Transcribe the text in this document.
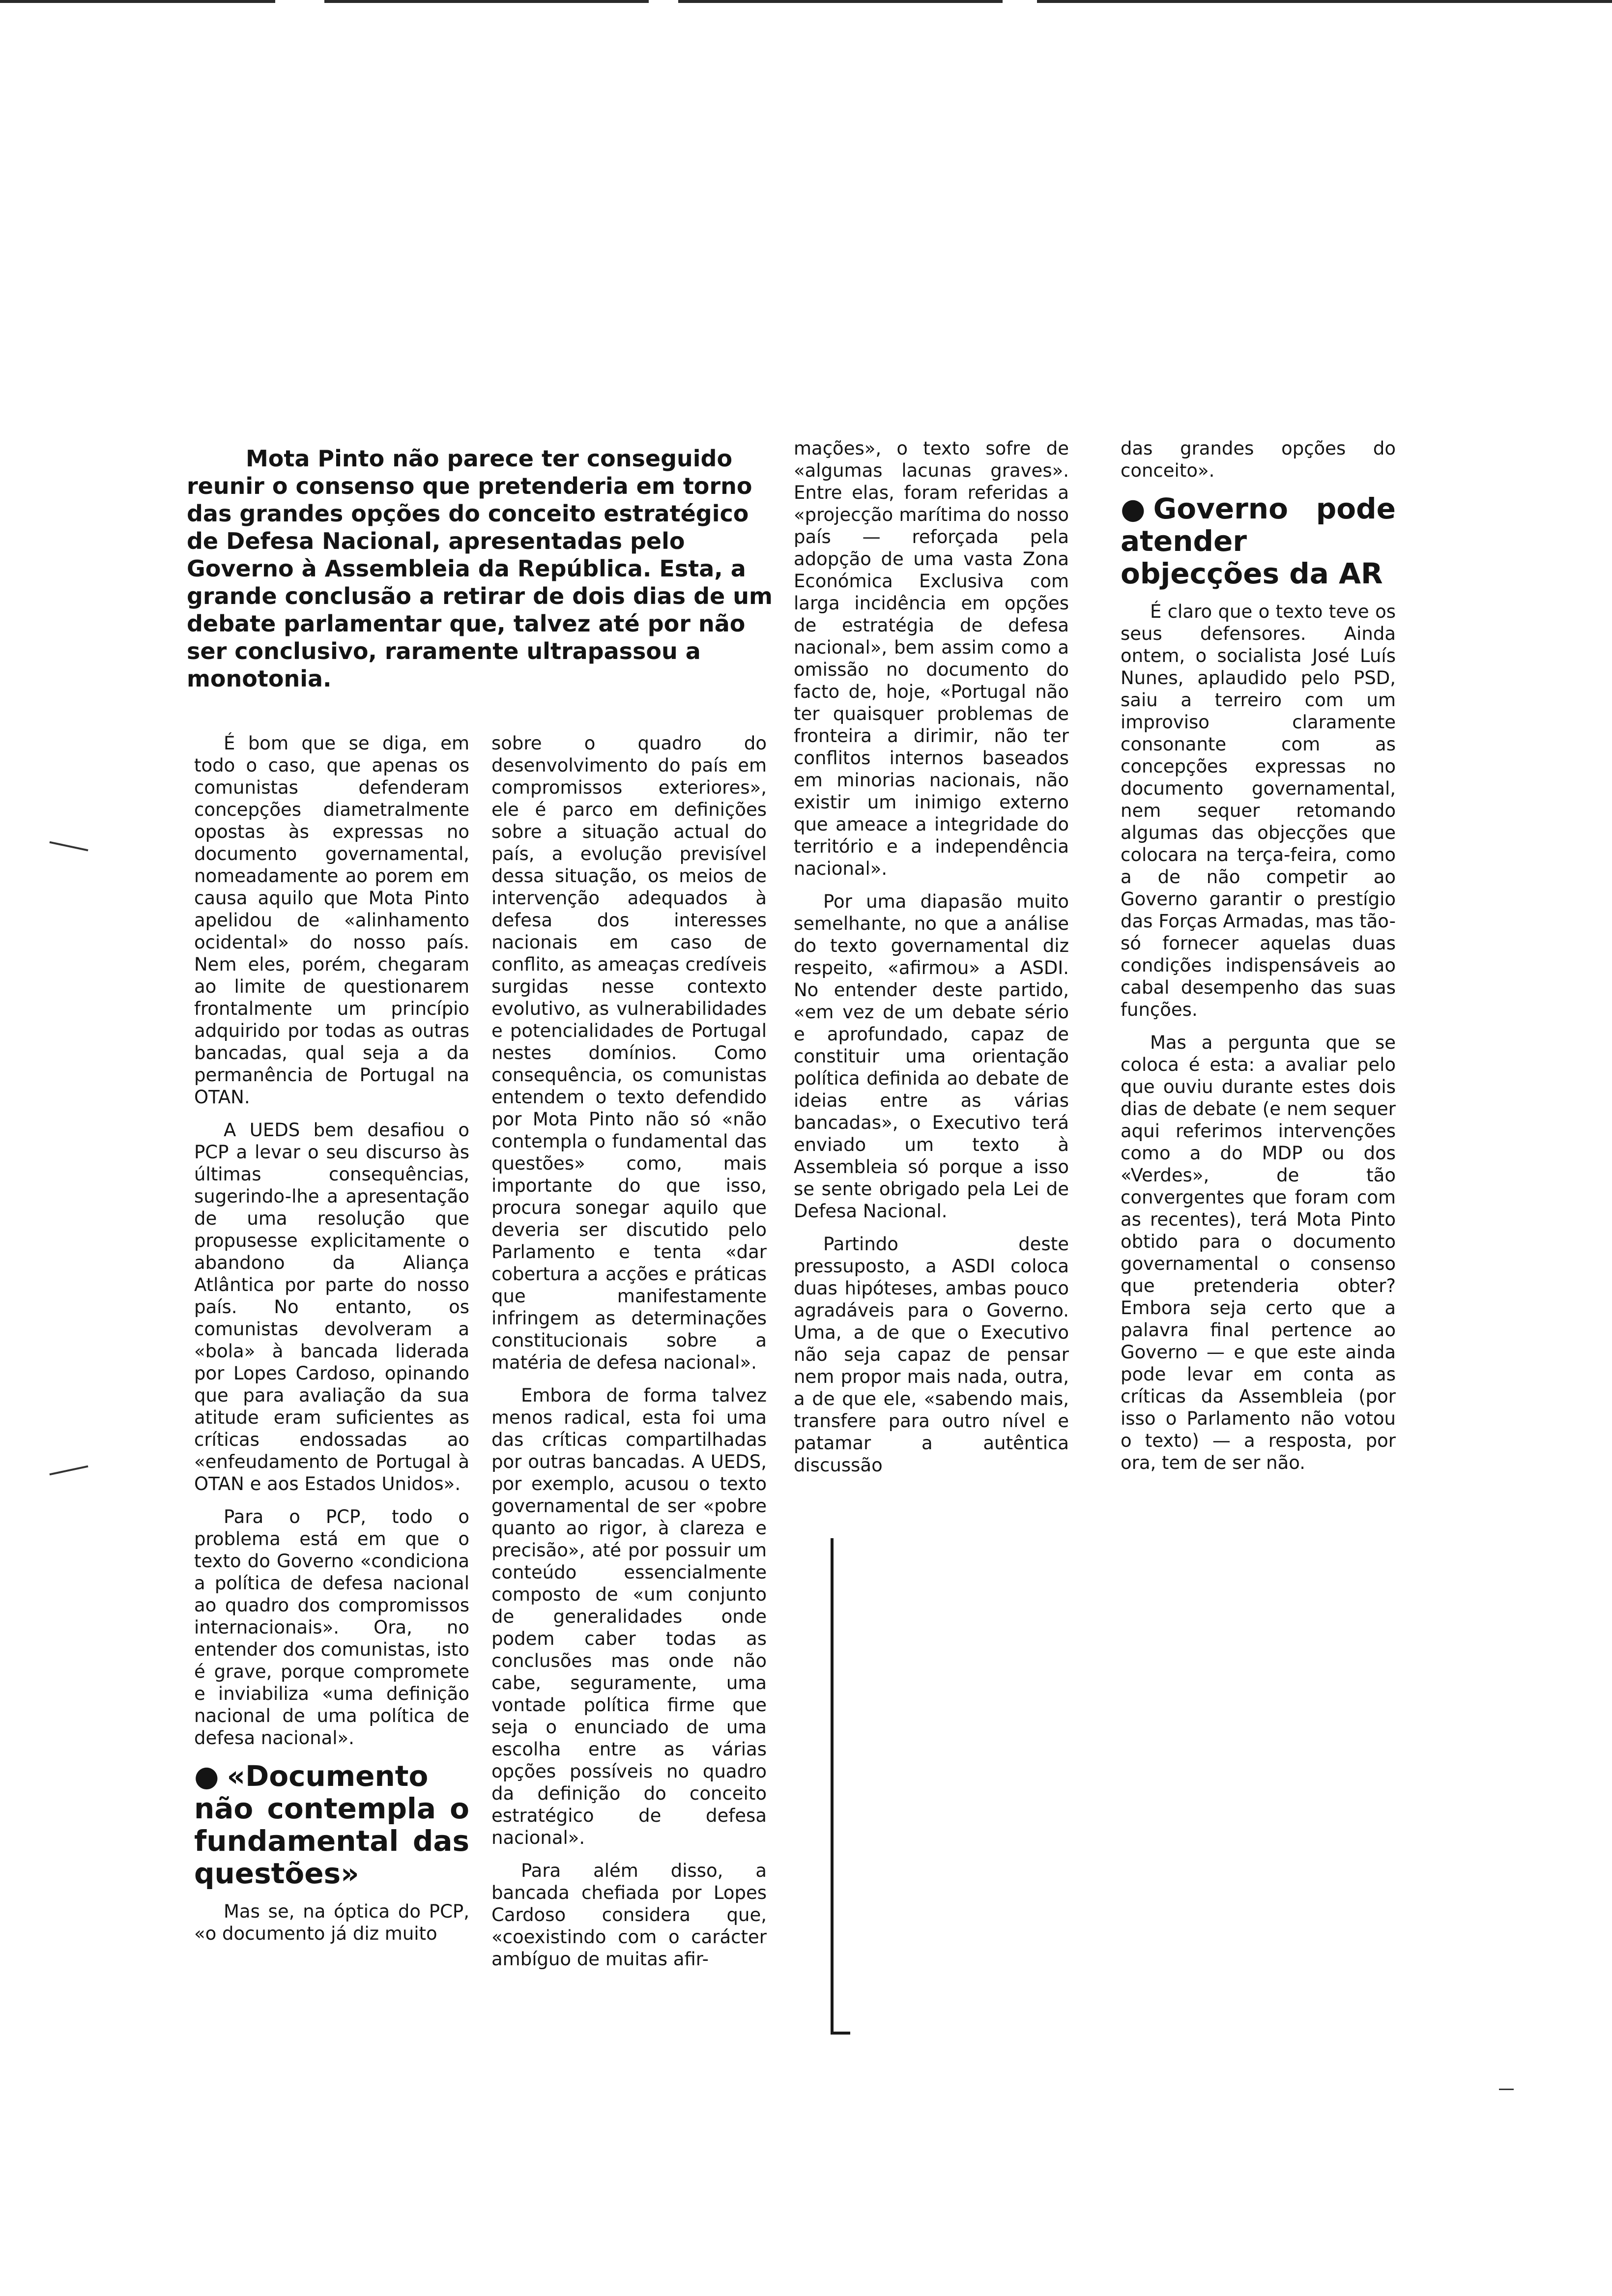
Mota Pinto não parece ter conseguido reunir o consenso que pretenderia em torno das grandes opções do conceito estratégico de Defesa Nacional, apresentadas pelo Governo à Assembleia da República. Esta, a grande conclusão a retirar de dois dias de um debate parlamentar que, talvez até por não ser conclusivo, raramente ultrapassou a monotonia.

É bom que se diga, em todo o caso, que apenas os comunistas defenderam concepções diametralmente opostas às expressas no documento governamental, nomeadamente ao porem em causa aquilo que Mota Pinto apelidou de «alinhamento ocidental» do nosso país. Nem eles, porém, chegaram ao limite de questionarem frontalmente um princípio adquirido por todas as outras bancadas, qual seja a da permanência de Portugal na OTAN.

A UEDS bem desafiou o PCP a levar o seu discurso às últimas consequências, sugerindo-lhe a apresentação de uma resolução que propusesse explicitamente o abandono da Aliança Atlântica por parte do nosso país. No entanto, os comunistas devolveram a «bola» à bancada liderada por Lopes Cardoso, opinando que para avaliação da sua atitude eram suficientes as críticas endossadas ao «enfeudamento de Portugal à OTAN e aos Estados Unidos».

Para o PCP, todo o problema está em que o texto do Governo «condiciona a política de defesa nacional ao quadro dos compromissos internacionais». Ora, no entender dos comunistas, isto é grave, porque compromete e inviabiliza «uma definição nacional de uma política de defesa nacional».

● «Documento não contempla o fundamental das questões»

Mas se, na óptica do PCP, «o documento já diz muito

sobre o quadro do desenvolvimento do país em compromissos exteriores», ele é parco em definições sobre a situação actual do país, a evolução previsível dessa situação, os meios de intervenção adequados à defesa dos interesses nacionais em caso de conflito, as ameaças credíveis surgidas nesse contexto evolutivo, as vulnerabilidades e potencialidades de Portugal nestes domínios. Como consequência, os comunistas entendem o texto defendido por Mota Pinto não só «não contempla o fundamental das questões» como, mais importante do que isso, procura sonegar aquilo que deveria ser discutido pelo Parlamento e tenta «dar cobertura a acções e práticas que manifestamente infringem as determinações constitucionais sobre a matéria de defesa nacional».

Embora de forma talvez menos radical, esta foi uma das críticas compartilhadas por outras bancadas. A UEDS, por exemplo, acusou o texto governamental de ser «pobre quanto ao rigor, à clareza e precisão», até por possuir um conteúdo essencialmente composto de «um conjunto de generalidades onde podem caber todas as conclusões mas onde não cabe, seguramente, uma vontade política firme que seja o enunciado de uma escolha entre as várias opções possíveis no quadro da definição do conceito estratégico de defesa nacional».

Para além disso, a bancada chefiada por Lopes Cardoso considera que, «coexistindo com o carácter ambíguo de muitas afir-

mações», o texto sofre de «algumas lacunas graves». Entre elas, foram referidas a «projecção marítima do nosso país — reforçada pela adopção de uma vasta Zona Económica Exclusiva com larga incidência em opções de estratégia de defesa nacional», bem assim como a omissão no documento do facto de, hoje, «Portugal não ter quaisquer problemas de fronteira a dirimir, não ter conflitos internos baseados em minorias nacionais, não existir um inimigo externo que ameace a integridade do território e a independência nacional».

Por uma diapasão muito semelhante, no que a análise do texto governamental diz respeito, «afirmou» a ASDI. No entender deste partido, «em vez de um debate sério e aprofundado, capaz de constituir uma orientação política definida ao debate de ideias entre as várias bancadas», o Executivo terá enviado um texto à Assembleia só porque a isso se sente obrigado pela Lei de Defesa Nacional.

Partindo deste pressuposto, a ASDI coloca duas hipóteses, ambas pouco agradáveis para o Governo. Uma, a de que o Executivo não seja capaz de pensar nem propor mais nada, outra, a de que ele, «sabendo mais, transfere para outro nível e patamar a autêntica discussão

das grandes opções do conceito».

● Governo pode atender objecções da AR

É claro que o texto teve os seus defensores. Ainda ontem, o socialista José Luís Nunes, aplaudido pelo PSD, saiu a terreiro com um improviso claramente consonante com as concepções expressas no documento governamental, nem sequer retomando algumas das objecções que colocara na terça-feira, como a de não competir ao Governo garantir o prestígio das Forças Armadas, mas tão-só fornecer aquelas duas condições indispensáveis ao cabal desempenho das suas funções.

Mas a pergunta que se coloca é esta: a avaliar pelo que ouviu durante estes dois dias de debate (e nem sequer aqui referimos intervenções como a do MDP ou dos «Verdes», de tão convergentes que foram com as recentes), terá Mota Pinto obtido para o documento governamental o consenso que pretenderia obter? Embora seja certo que a palavra final pertence ao Governo — e que este ainda pode levar em conta as críticas da Assembleia (por isso o Parlamento não votou o texto) — a resposta, por ora, tem de ser não.
